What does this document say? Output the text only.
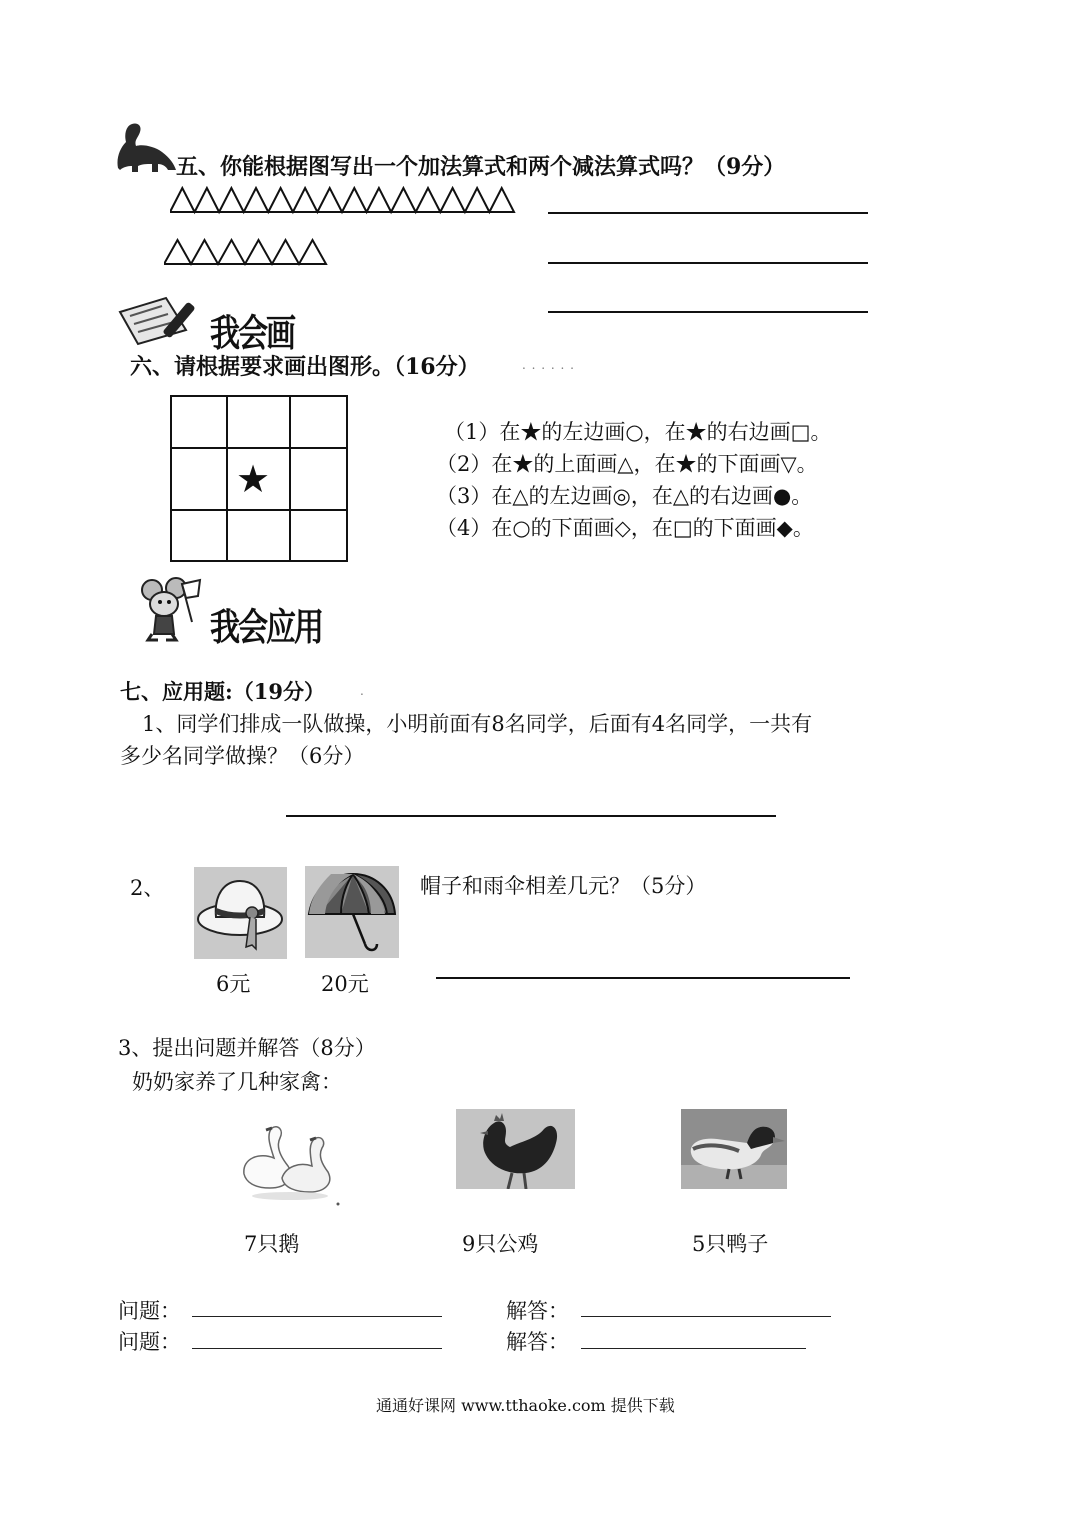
五、你能根据图写出一个加法算式和两个减法算式吗？（9分）
我会画
六、请根据要求画出图形。（16分）	. . . . . .
★
（1）在★的左边画○，在★的右边画□。
（2）在★的上面画△，在★的下面画▽。
（3）在△的左边画◎，在△的右边画●。
（4）在○的下面画◇，在□的下面画◆。
我会应用
七、应用题:（19分）	.
1、同学们排成一队做操，小明前面有8名同学，后面有4名同学，一共有
多少名同学做操？（6分）
2、	帽子和雨伞相差几元？（5分）
6元	20元
3、提出问题并解答（8分）
奶奶家养了几种家禽：
7只鹅	9只公鸡	5只鸭子
问题：	解答：
问题：	解答：
通通好课网 www.tthaoke.com 提供下载
